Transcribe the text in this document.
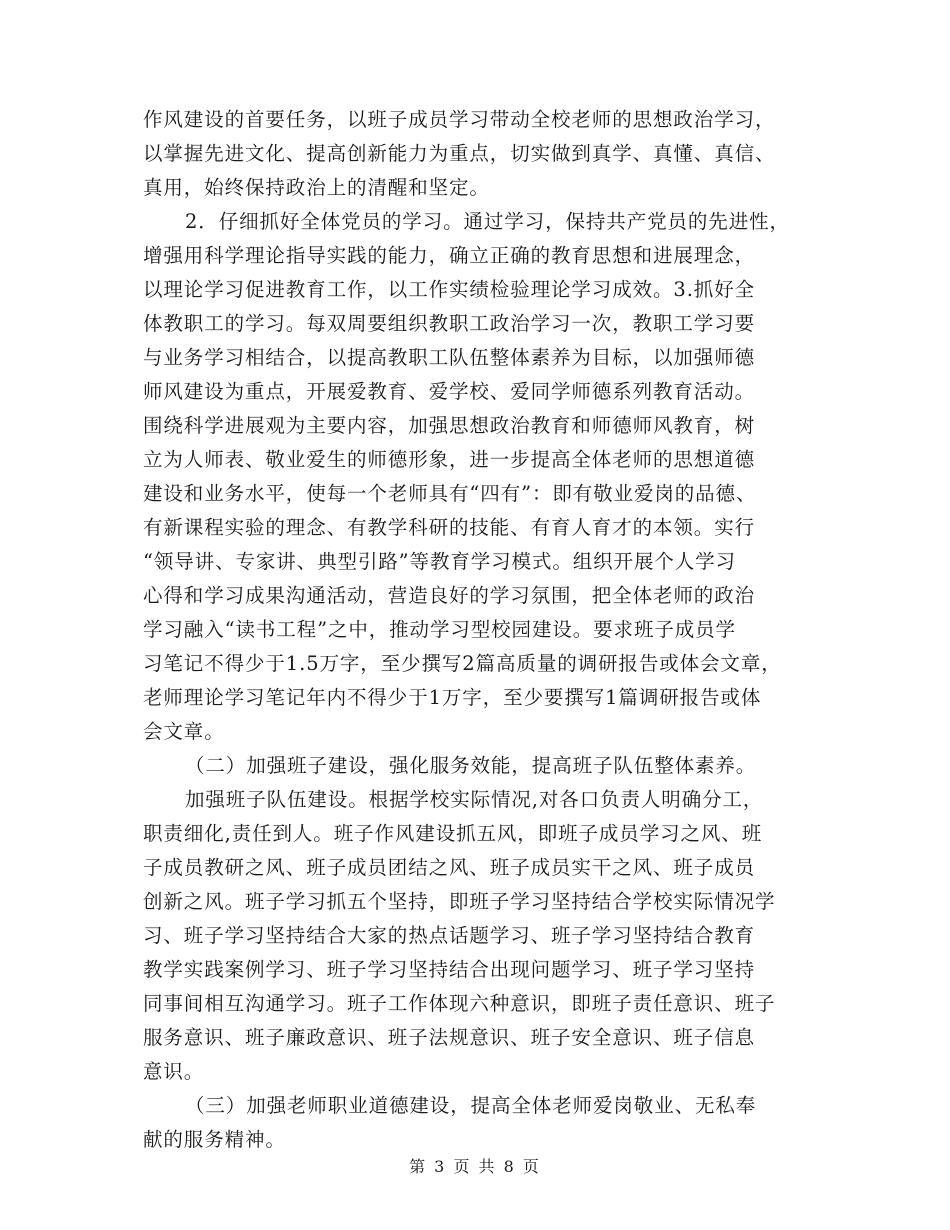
作风建设的首要任务，以班子成员学习带动全校老师的思想政治学习，
以掌握先进文化、提高创新能力为重点，切实做到真学、真懂、真信、
真用，始终保持政治上的清醒和坚定。
2．仔细抓好全体党员的学习。通过学习，保持共产党员的先进性，
增强用科学理论指导实践的能力，确立正确的教育思想和进展理念，
以理论学习促进教育工作，以工作实绩检验理论学习成效。3.抓好全
体教职工的学习。每双周要组织教职工政治学习一次，教职工学习要
与业务学习相结合，以提高教职工队伍整体素养为目标，以加强师德
师风建设为重点，开展爱教育、爱学校、爱同学师德系列教育活动。
围绕科学进展观为主要内容，加强思想政治教育和师德师风教育，树
立为人师表、敬业爱生的师德形象，进一步提高全体老师的思想道德
建设和业务水平，使每一个老师具有“四有”：即有敬业爱岗的品德、
有新课程实验的理念、有教学科研的技能、有育人育才的本领。实行
“领导讲、专家讲、典型引路”等教育学习模式。组织开展个人学习
心得和学习成果沟通活动，营造良好的学习氛围，把全体老师的政治
学习融入“读书工程”之中，推动学习型校园建设。要求班子成员学
习笔记不得少于1.5万字，至少撰写2篇高质量的调研报告或体会文章，
老师理论学习笔记年内不得少于1万字，至少要撰写1篇调研报告或体
会文章。
（二）加强班子建设，强化服务效能，提高班子队伍整体素养。
加强班子队伍建设。根据学校实际情况,对各口负责人明确分工，
职责细化,责任到人。班子作风建设抓五风，即班子成员学习之风、班
子成员教研之风、班子成员团结之风、班子成员实干之风、班子成员
创新之风。班子学习抓五个坚持，即班子学习坚持结合学校实际情况学
习、班子学习坚持结合大家的热点话题学习、班子学习坚持结合教育
教学实践案例学习、班子学习坚持结合出现问题学习、班子学习坚持
同事间相互沟通学习。班子工作体现六种意识，即班子责任意识、班子
服务意识、班子廉政意识、班子法规意识、班子安全意识、班子信息
意识。
（三）加强老师职业道德建设，提高全体老师爱岗敬业、无私奉
献的服务精神。
第 3 页 共 8 页
